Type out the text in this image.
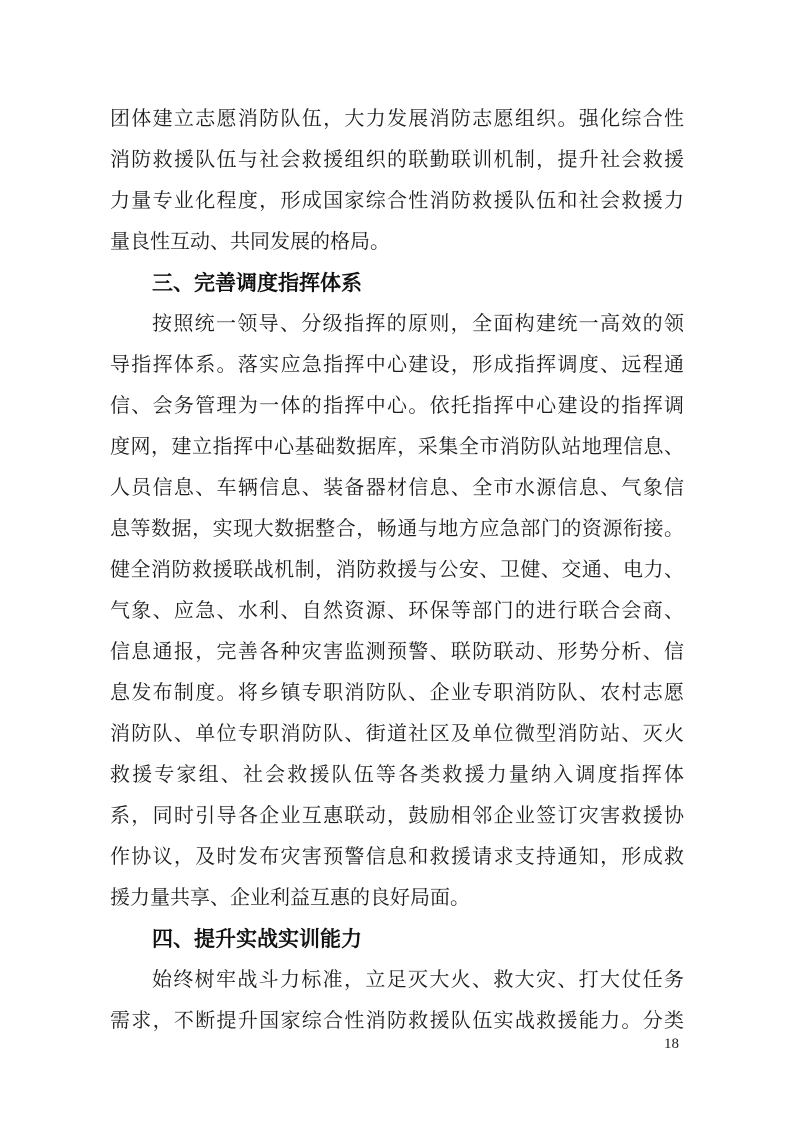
团体建立志愿消防队伍，大力发展消防志愿组织。强化综合性
消防救援队伍与社会救援组织的联勤联训机制，提升社会救援
力量专业化程度，形成国家综合性消防救援队伍和社会救援力
量良性互动、共同发展的格局。
三、完善调度指挥体系
按照统一领导、分级指挥的原则，全面构建统一高效的领
导指挥体系。落实应急指挥中心建设，形成指挥调度、远程通
信、会务管理为一体的指挥中心。依托指挥中心建设的指挥调
度网，建立指挥中心基础数据库，采集全市消防队站地理信息、
人员信息、车辆信息、装备器材信息、全市水源信息、气象信
息等数据，实现大数据整合，畅通与地方应急部门的资源衔接。
健全消防救援联战机制，消防救援与公安、卫健、交通、电力、
气象、应急、水利、自然资源、环保等部门的进行联合会商、
信息通报，完善各种灾害监测预警、联防联动、形势分析、信
息发布制度。将乡镇专职消防队、企业专职消防队、农村志愿
消防队、单位专职消防队、街道社区及单位微型消防站、灭火
救援专家组、社会救援队伍等各类救援力量纳入调度指挥体
系，同时引导各企业互惠联动，鼓励相邻企业签订灾害救援协
作协议，及时发布灾害预警信息和救援请求支持通知，形成救
援力量共享、企业利益互惠的良好局面。
四、提升实战实训能力
始终树牢战斗力标准，立足灭大火、救大灾、打大仗任务
需求，不断提升国家综合性消防救援队伍实战救援能力。分类
18
